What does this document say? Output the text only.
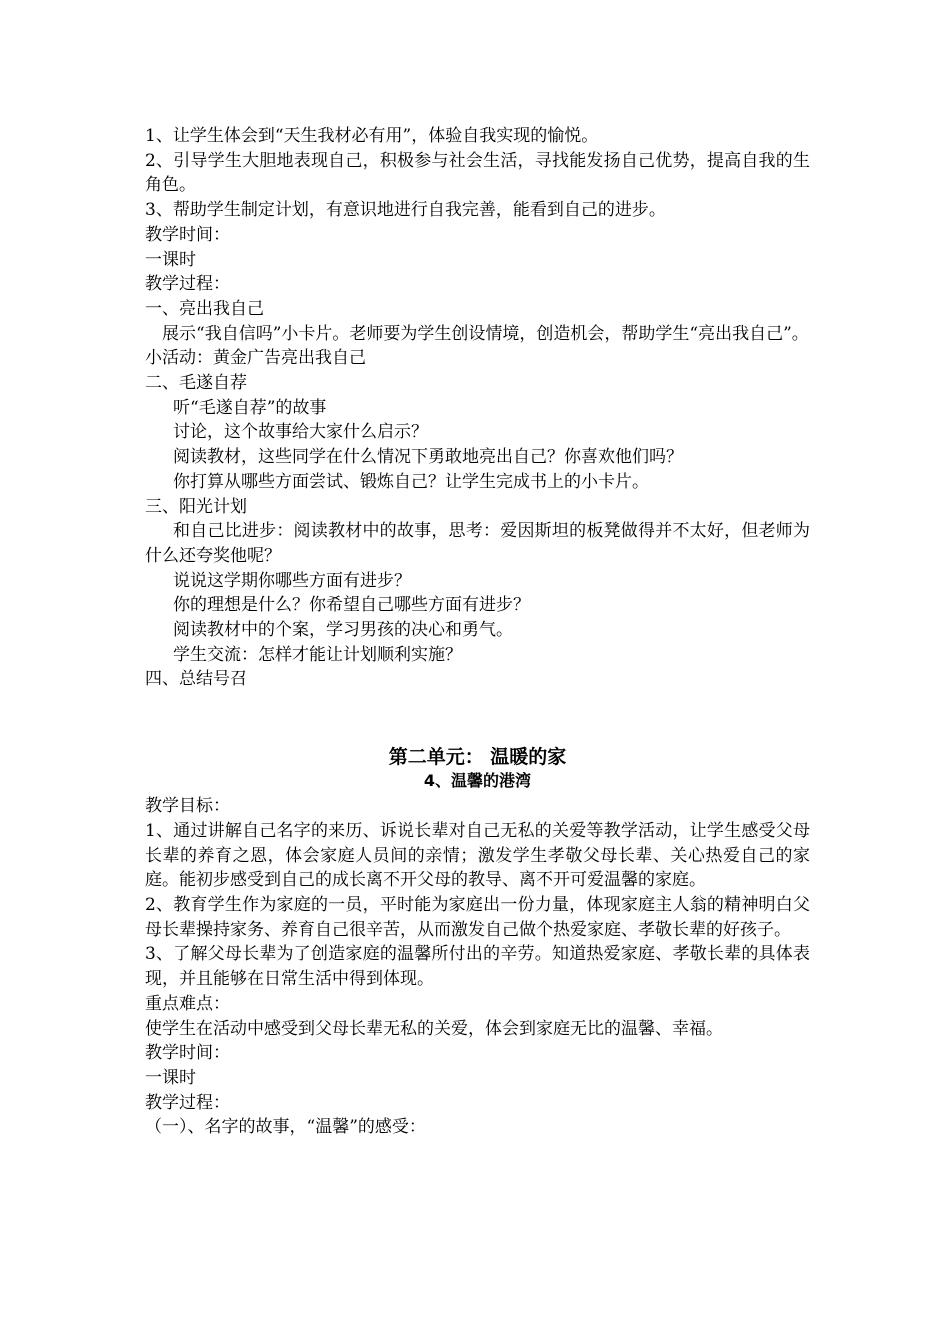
1、让学生体会到“天生我材必有用”，体验自我实现的愉悦。
2、引导学生大胆地表现自己，积极参与社会生活，寻找能发扬自己优势，提高自我的生角色。
3、帮助学生制定计划，有意识地进行自我完善，能看到自己的进步。
教学时间：
一课时
教学过程：
一、亮出我自己
展示“我自信吗”小卡片。老师要为学生创设情境，创造机会，帮助学生“亮出我自己”。
小活动：黄金广告亮出我自己
二、毛遂自荐
听“毛遂自荐”的故事
讨论，这个故事给大家什么启示？
阅读教材，这些同学在什么情况下勇敢地亮出自己？你喜欢他们吗？
你打算从哪些方面尝试、锻炼自己？让学生完成书上的小卡片。
三、阳光计划
和自己比进步：阅读教材中的故事，思考：爱因斯坦的板凳做得并不太好，但老师为什么还夸奖他呢？
说说这学期你哪些方面有进步？
你的理想是什么？你希望自己哪些方面有进步？
阅读教材中的个案，学习男孩的决心和勇气。
学生交流：怎样才能让计划顺利实施？
四、总结号召
第二单元： 温暖的家
4、温馨的港湾
教学目标：
1、通过讲解自己名字的来历、诉说长辈对自己无私的关爱等教学活动，让学生感受父母长辈的养育之恩，体会家庭人员间的亲情；激发学生孝敬父母长辈、关心热爱自己的家庭。能初步感受到自己的成长离不开父母的教导、离不开可爱温馨的家庭。
2、教育学生作为家庭的一员，平时能为家庭出一份力量，体现家庭主人翁的精神明白父母长辈操持家务、养育自己很辛苦，从而激发自己做个热爱家庭、孝敬长辈的好孩子。
3、了解父母长辈为了创造家庭的温馨所付出的辛劳。知道热爱家庭、孝敬长辈的具体表现，并且能够在日常生活中得到体现。
重点难点：
使学生在活动中感受到父母长辈无私的关爱，体会到家庭无比的温馨、幸福。
教学时间：
一课时
教学过程：
（一）、名字的故事，“温馨”的感受：
